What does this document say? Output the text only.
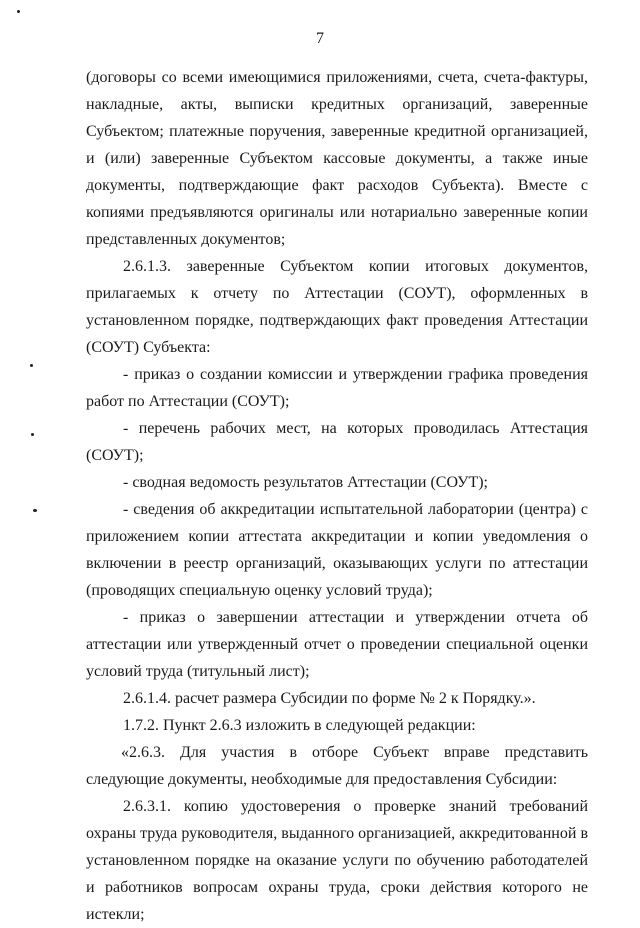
7

(договоры со всеми имеющимися приложениями, счета, счета-фактуры, накладные, акты, выписки кредитных организаций, заверенные Субъектом; платежные поручения, заверенные кредитной организацией, и (или) заверенные Субъектом кассовые документы, а также иные документы, подтверждающие факт расходов Субъекта). Вместе с копиями предъявляются оригиналы или нотариально заверенные копии представленных документов;

2.6.1.3. заверенные Субъектом копии итоговых документов, прилагаемых к отчету по Аттестации (СОУТ), оформленных в установленном порядке, подтверждающих факт проведения Аттестации (СОУТ) Субъекта:

- приказ о создании комиссии и утверждении графика проведения работ по Аттестации (СОУТ);

- перечень рабочих мест, на которых проводилась Аттестация (СОУТ);

- сводная ведомость результатов Аттестации (СОУТ);

- сведения об аккредитации испытательной лаборатории (центра) с приложением копии аттестата аккредитации и копии уведомления о включении в реестр организаций, оказывающих услуги по аттестации (проводящих специальную оценку условий труда);

- приказ о завершении аттестации и утверждении отчета об аттестации или утвержденный отчет о проведении специальной оценки условий труда (титульный лист);

2.6.1.4. расчет размера Субсидии по форме № 2 к Порядку.».

1.7.2. Пункт 2.6.3 изложить в следующей редакции:

«2.6.3. Для участия в отборе Субъект вправе представить следующие документы, необходимые для предоставления Субсидии:

2.6.3.1. копию удостоверения о проверке знаний требований охраны труда руководителя, выданного организацией, аккредитованной в установленном порядке на оказание услуги по обучению работодателей и работников вопросам охраны труда, сроки действия которого не истекли;
